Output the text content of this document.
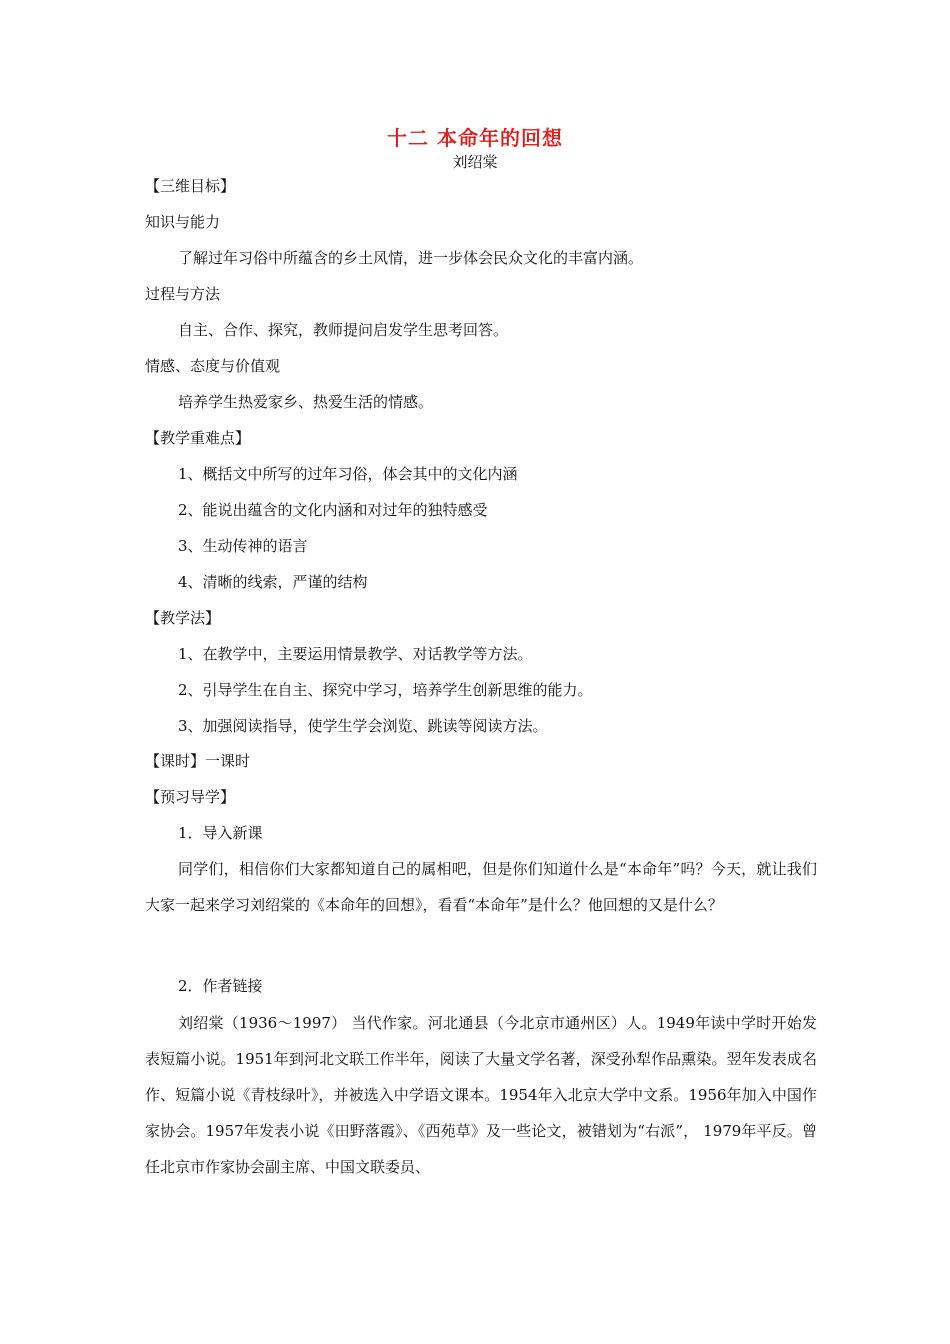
十二 本命年的回想
刘绍棠
【三维目标】
知识与能力
了解过年习俗中所蕴含的乡土风情，进一步体会民众文化的丰富内涵。
过程与方法
自主、合作、探究，教师提问启发学生思考回答。
情感、态度与价值观
培养学生热爱家乡、热爱生活的情感。
【教学重难点】
1、概括文中所写的过年习俗，体会其中的文化内涵
2、能说出蕴含的文化内涵和对过年的独特感受
3、生动传神的语言
4、清晰的线索，严谨的结构
【教学法】
1、在教学中，主要运用情景教学、对话教学等方法。
2、引导学生在自主、探究中学习，培养学生创新思维的能力。
3、加强阅读指导，使学生学会浏览、跳读等阅读方法。
【课时】一课时
【预习导学】
1．导入新课
同学们，相信你们大家都知道自己的属相吧，但是你们知道什么是“本命年”吗？今天，就让我们大家一起来学习刘绍棠的《本命年的回想》，看看“本命年”是什么？他回想的又是什么？
2．作者链接
刘绍棠（1936～1997） 当代作家。河北通县（今北京市通州区）人。1949年读中学时开始发表短篇小说。1951年到河北文联工作半年，阅读了大量文学名著，深受孙犁作品熏染。翌年发表成名作、短篇小说《青枝绿叶》，并被选入中学语文课本。1954年入北京大学中文系。1956年加入中国作家协会。1957年发表小说《田野落霞》、《西苑草》及一些论文，被错划为“右派”， 1979年平反。曾任北京市作家协会副主席、中国文联委员、
